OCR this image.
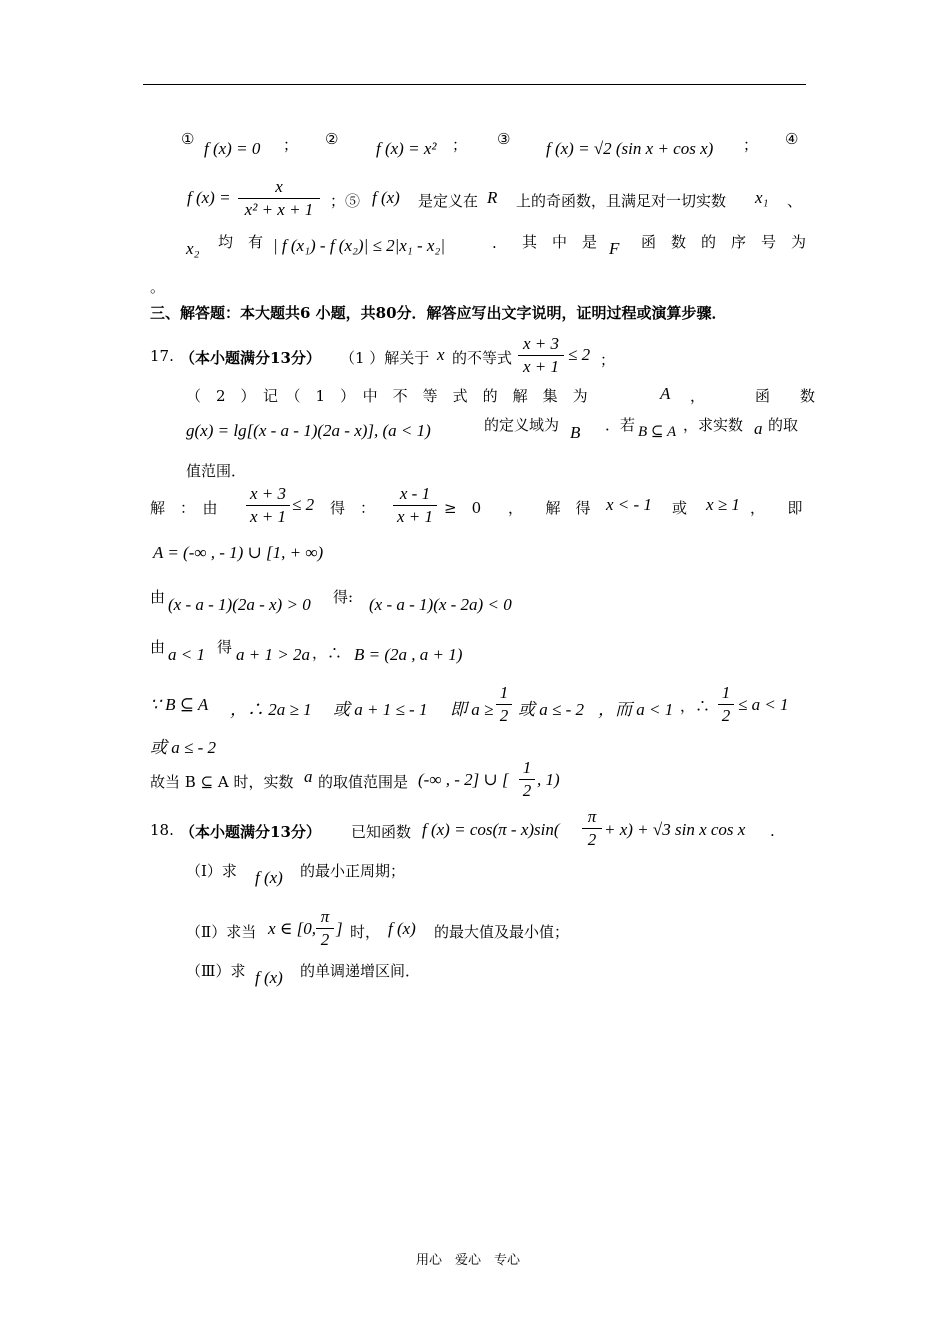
① f (x) = 0 ； ② f (x) = x² ； ③ f (x) = √2 (sin x + cos x) ； ④
f $(x) = \frac{x}{\text{x² + x + 1}}$ ；⑤ f (x) 是定义在 R 上的奇函数，且满足对一切实数 x₁ 、
x₂ 均　有 | f (x₁) - f (x₂)| ≤ 2|x₁ - x₂|	. 其　中　是 F 函　数　的　序　号　为
。
三、解答题：本大题共6 小题，共80分．解答应写出文字说明，证明过程或演算步骤．
17. （本小题满分13分） （1 ）解关于 x 的不等式 $\frac{x + 3}{x + 1} \le 2$ ；
（　2　）　记　（　1　）　中　不　等　式　的　解　集　为	A ，	函　　数
g(x) = lg[(x - a - 1)(2a - x)], (a < 1)	的定义域为 B ．若 B ⊆ A ，求实数 a 的取
值范围．
解　：　由 $\frac{x + 3}{x + 1} \le 2$ 得　： $\frac{x - 1}{x + 1}$ ≥　0 ，　　解　得 x < - 1 或 x ≥ 1 ，　　即
A = (-∞ , - 1) ∪ [1, + ∞)
由 (x - a - 1)(2a - x) > 0 得: (x - a - 1)(x - 2a) < 0
由 a < 1 得 a + 1 > 2a ，∴ B = (2a , a + 1)
∵ B ⊆ A ，∴ 2a ≥ 1 或 a + 1 ≤ - 1 即 $a \ge \frac{1}{2}$ 或 a ≤ - 2 ，而 a < 1 ，∴ $\frac{1}{2} \le a < 1$
或 a ≤ - 2
故当 B ⊆ A 时，实数 a 的取值范围是 (-∞ , - 2] ∪ [ $\frac{1}{2}$ , 1)
18. （本小题满分13分） 已知函数 f $(x) = \cos(\pi - x)\sin( \frac{\pi}{2} + x) + √3$ sin x cos x .
（Ⅰ）求 f (x) 的最小正周期；
（Ⅱ）求当 x ∈ [0, $\frac{\pi}{2}$ ] 时， f (x) 的最大值及最小值；
（Ⅲ）求 f (x) 的单调递增区间．
用心　爱心　专心
